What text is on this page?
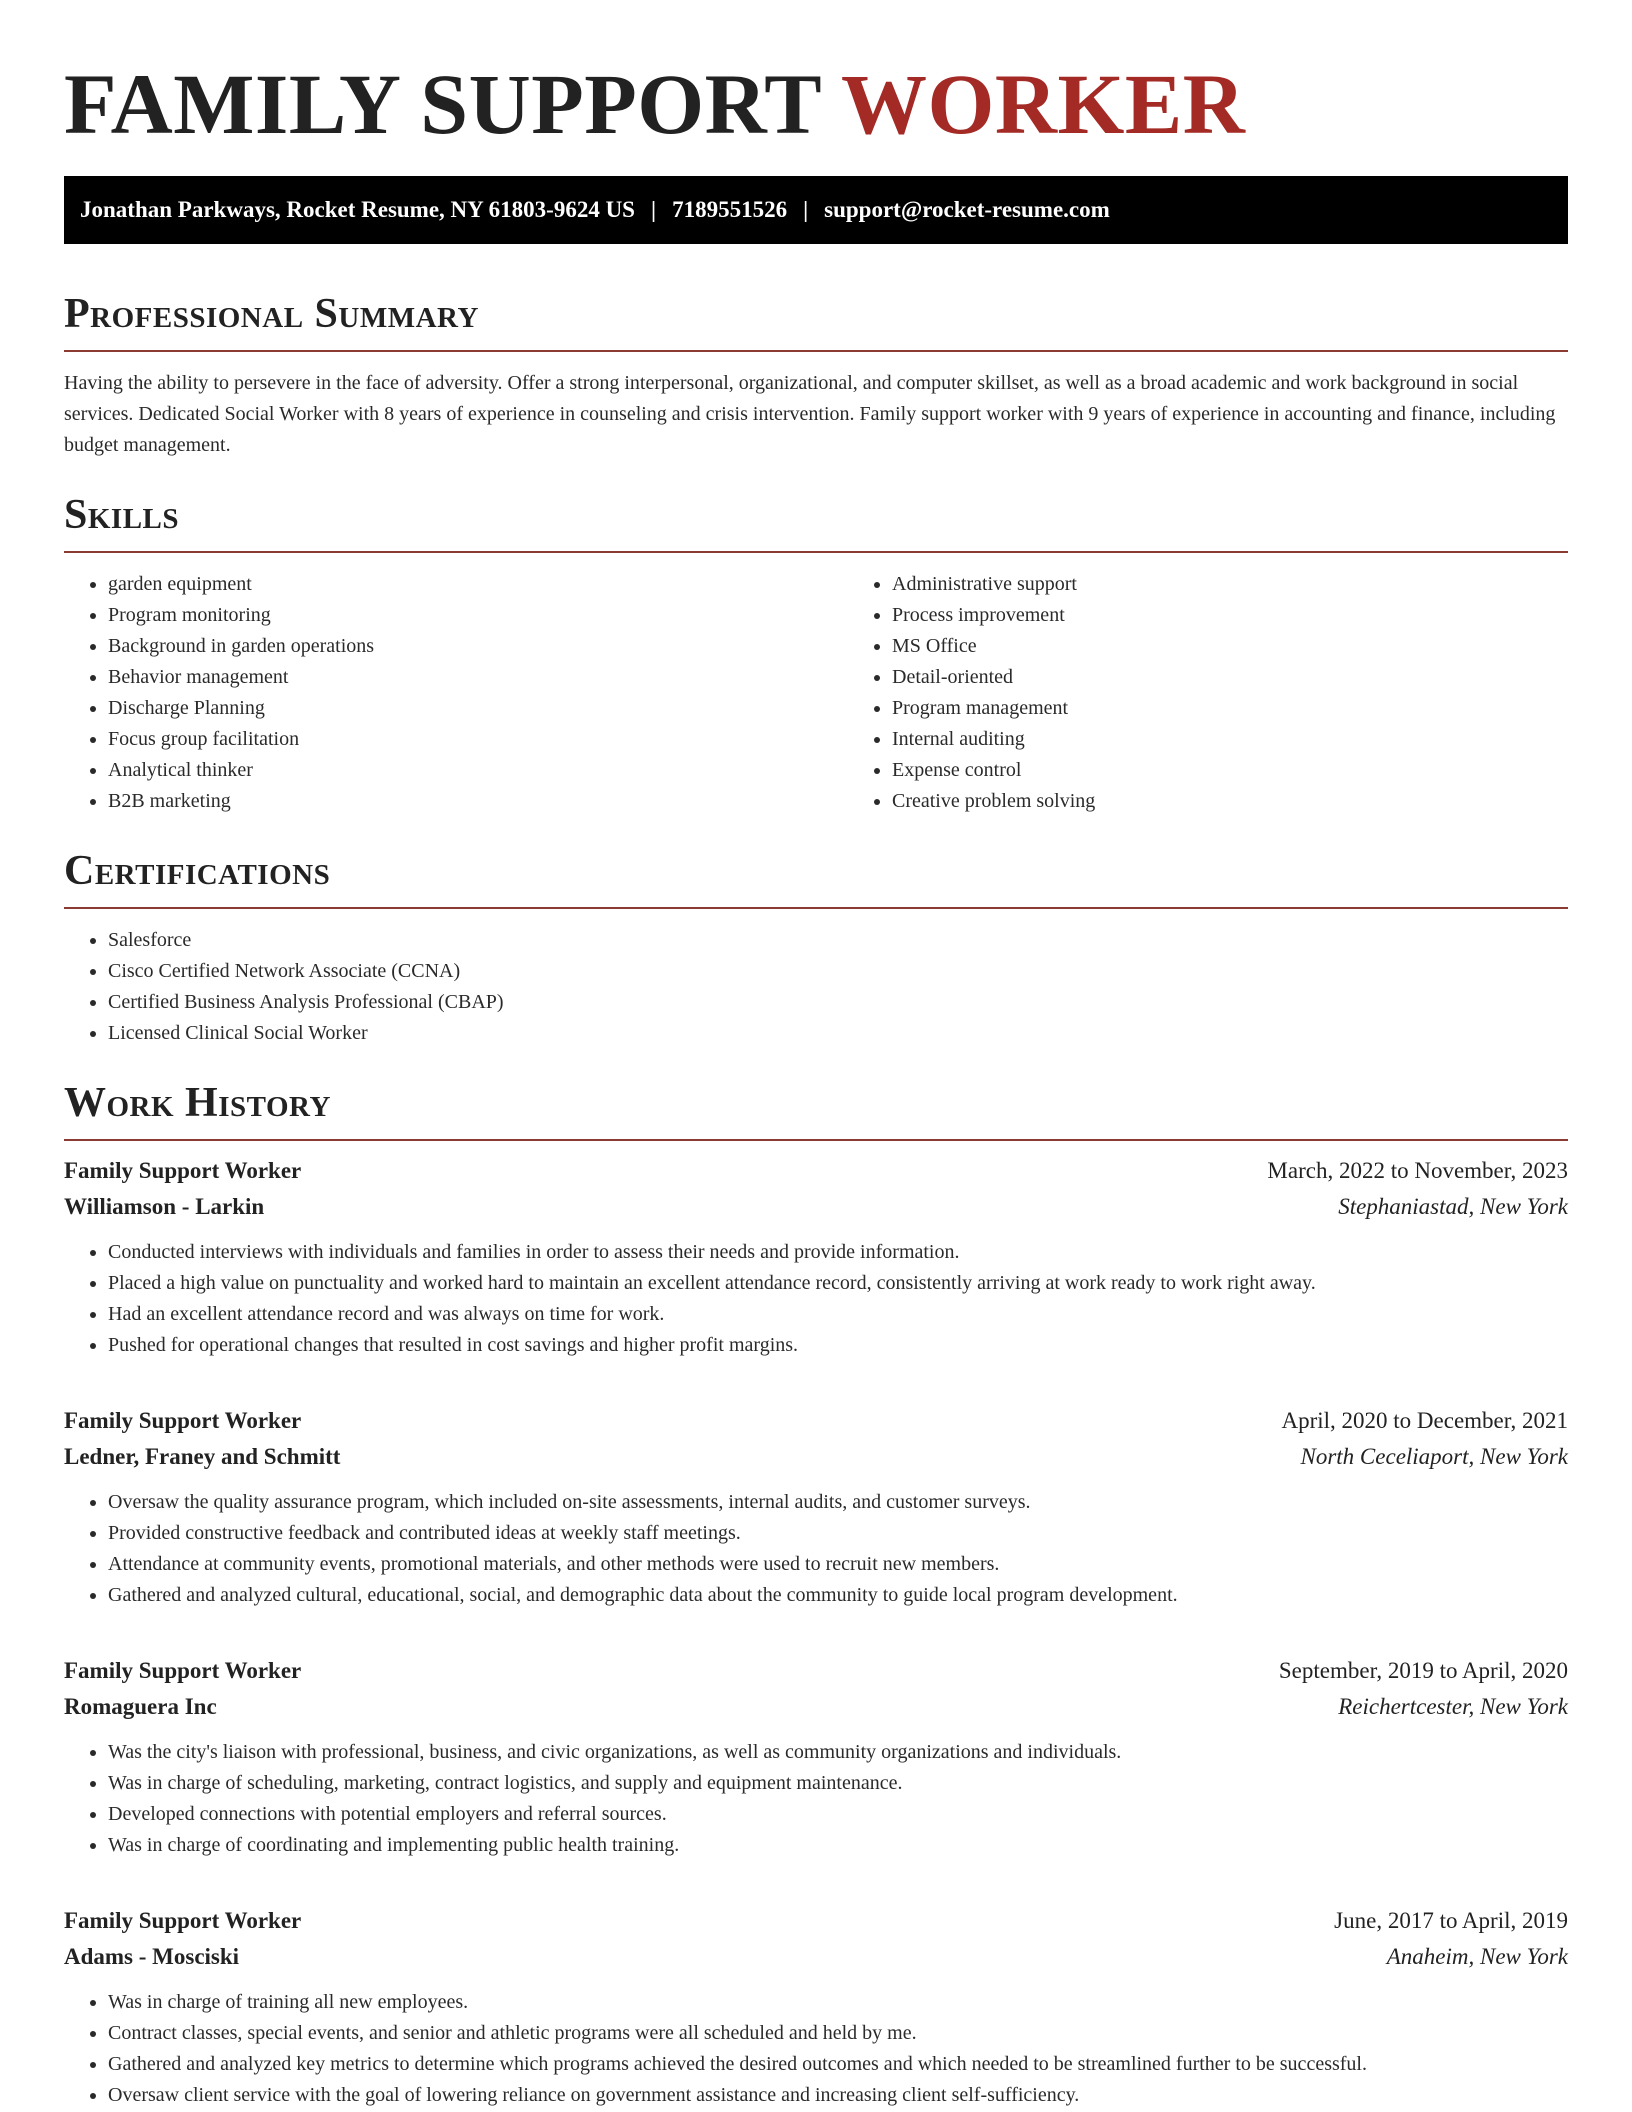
FAMILY SUPPORT WORKER
Jonathan Parkways, Rocket Resume, NY 61803-9624 US | 7189551526 | support@rocket-resume.com
Professional Summary

Having the ability to persevere in the face of adversity. Offer a strong interpersonal, organizational, and computer skillset, as well as a broad academic and work background in social services. Dedicated Social Worker with 8 years of experience in counseling and crisis intervention. Family support worker with 9 years of experience in accounting and finance, including budget management.

Skills
• garden equipment
• Program monitoring
• Background in garden operations
• Behavior management
• Discharge Planning
• Focus group facilitation
• Analytical thinker
• B2B marketing
• Administrative support
• Process improvement
• MS Office
• Detail-oriented
• Program management
• Internal auditing
• Expense control
• Creative problem solving
Certifications
• Salesforce
• Cisco Certified Network Associate (CCNA)
• Certified Business Analysis Professional (CBAP)
• Licensed Clinical Social Worker
Work History
Family Support Worker	March, 2022 to November, 2023
Williamson - Larkin	Stephaniastad, New York
• Conducted interviews with individuals and families in order to assess their needs and provide information.
• Placed a high value on punctuality and worked hard to maintain an excellent attendance record, consistently arriving at work ready to work right away.
• Had an excellent attendance record and was always on time for work.
• Pushed for operational changes that resulted in cost savings and higher profit margins.
Family Support Worker	April, 2020 to December, 2021
Ledner, Franey and Schmitt	North Ceceliaport, New York
• Oversaw the quality assurance program, which included on-site assessments, internal audits, and customer surveys.
• Provided constructive feedback and contributed ideas at weekly staff meetings.
• Attendance at community events, promotional materials, and other methods were used to recruit new members.
• Gathered and analyzed cultural, educational, social, and demographic data about the community to guide local program development.
Family Support Worker	September, 2019 to April, 2020
Romaguera Inc	Reichertcester, New York
• Was the city's liaison with professional, business, and civic organizations, as well as community organizations and individuals.
• Was in charge of scheduling, marketing, contract logistics, and supply and equipment maintenance.
• Developed connections with potential employers and referral sources.
• Was in charge of coordinating and implementing public health training.
Family Support Worker	June, 2017 to April, 2019
Adams - Mosciski	Anaheim, New York
• Was in charge of training all new employees.
• Contract classes, special events, and senior and athletic programs were all scheduled and held by me.
• Gathered and analyzed key metrics to determine which programs achieved the desired outcomes and which needed to be streamlined further to be successful.
• Oversaw client service with the goal of lowering reliance on government assistance and increasing client self-sufficiency.
